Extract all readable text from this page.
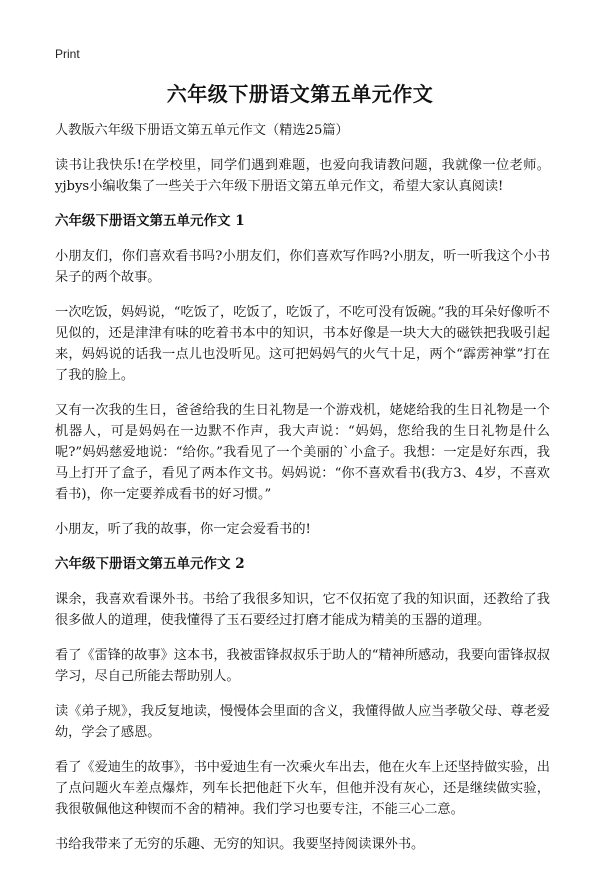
Print
六年级下册语文第五单元作文

人教版六年级下册语文第五单元作文（精选25篇）

读书让我快乐!在学校里，同学们遇到难题，也爱向我请教问题，我就像一位老师。yjbys小编收集了一些关于六年级下册语文第五单元作文，希望大家认真阅读!

六年级下册语文第五单元作文 1

小朋友们，你们喜欢看书吗?小朋友们，你们喜欢写作吗?小朋友，听一听我这个小书呆子的两个故事。

一次吃饭，妈妈说，“吃饭了，吃饭了，吃饭了，不吃可没有饭碗。”我的耳朵好像听不见似的，还是津津有味的吃着书本中的知识，书本好像是一块大大的磁铁把我吸引起来，妈妈说的话我一点儿也没听见。这可把妈妈气的火气十足，两个“霹雳神掌”打在了我的脸上。

又有一次我的生日，爸爸给我的生日礼物是一个游戏机，姥姥给我的生日礼物是一个机器人，可是妈妈在一边默不作声，我大声说：“妈妈，您给我的生日礼物是什么呢?”妈妈慈爱地说：“给你。”我看见了一个美丽的`小盒子。我想：一定是好东西，我马上打开了盒子，看见了两本作文书。妈妈说：“你不喜欢看书(我方3、4岁，不喜欢看书)，你一定要养成看书的好习惯。”

小朋友，听了我的故事，你一定会爱看书的!

六年级下册语文第五单元作文 2

课余，我喜欢看课外书。书给了我很多知识，它不仅拓宽了我的知识面，还教给了我很多做人的道理，使我懂得了玉石要经过打磨才能成为精美的玉器的道理。

看了《雷锋的故事》这本书，我被雷锋叔叔乐于助人的“精神所感动，我要向雷锋叔叔学习，尽自己所能去帮助别人。

读《弟子规》，我反复地读，慢慢体会里面的含义，我懂得做人应当孝敬父母、尊老爱幼，学会了感恩。

看了《爱迪生的故事》，书中爱迪生有一次乘火车出去，他在火车上还坚持做实验，出了点问题火车差点爆炸，列车长把他赶下火车，但他并没有灰心，还是继续做实验，我很敬佩他这种锲而不舍的精神。我们学习也要专注，不能三心二意。

书给我带来了无穷的乐趣、无穷的知识。我要坚持阅读课外书。
